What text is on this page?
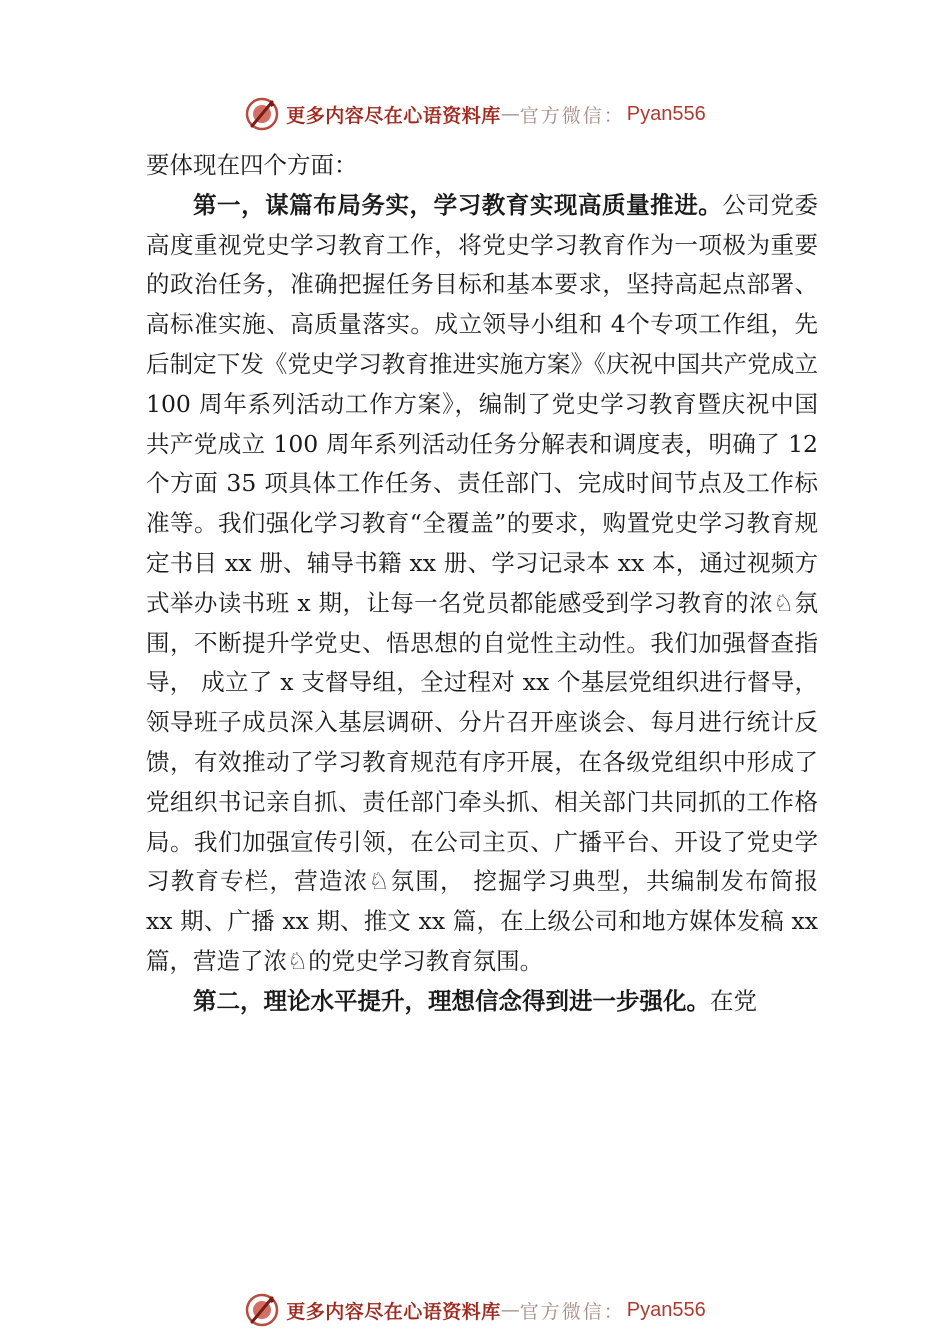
更多内容尽在心语资料库 — 官方微信： Pyan556

要体现在四个方面：

第一，谋篇布局务实，学习教育实现高质量推进。公司党委高度重视党史学习教育工作，将党史学习教育作为一项极为重要的政治任务，准确把握任务目标和基本要求，坚持高起点部署、高标准实施、高质量落实。成立领导小组和 4个专项工作组，先后制定下发《党史学习教育推进实施方案》《庆祝中国共产党成立 100 周年系列活动工作方案》，编制了党史学习教育暨庆祝中国共产党成立 100 周年系列活动任务分解表和调度表，明确了 12 个方面 35 项具体工作任务、责任部门、完成时间节点及工作标准等。我们强化学习教育“全覆盖”的要求，购置党史学习教育规定书目 xx 册、辅导书籍 xx 册、学习记录本 xx 本，通过视频方式举办读书班 x 期，让每一名党员都能感受到学习教育的浓♘氛围，不断提升学党史、悟思想的自觉性主动性。我们加强督查指导， 成立了 x 支督导组，全过程对 xx 个基层党组织进行督导， 领导班子成员深入基层调研、分片召开座谈会、每月进行统计反馈，有效推动了学习教育规范有序开展，在各级党组织中形成了党组织书记亲自抓、责任部门牵头抓、相关部门共同抓的工作格局。我们加强宣传引领，在公司主页、广播平台、开设了党史学习教育专栏，营造浓♘氛围， 挖掘学习典型，共编制发布简报 xx 期、广播 xx 期、推文 xx 篇，在上级公司和地方媒体发稿 xx 篇，营造了浓♘的党史学习教育氛围。

第二，理论水平提升，理想信念得到进一步强化。在党

更多内容尽在心语资料库 — 官方微信： Pyan556
